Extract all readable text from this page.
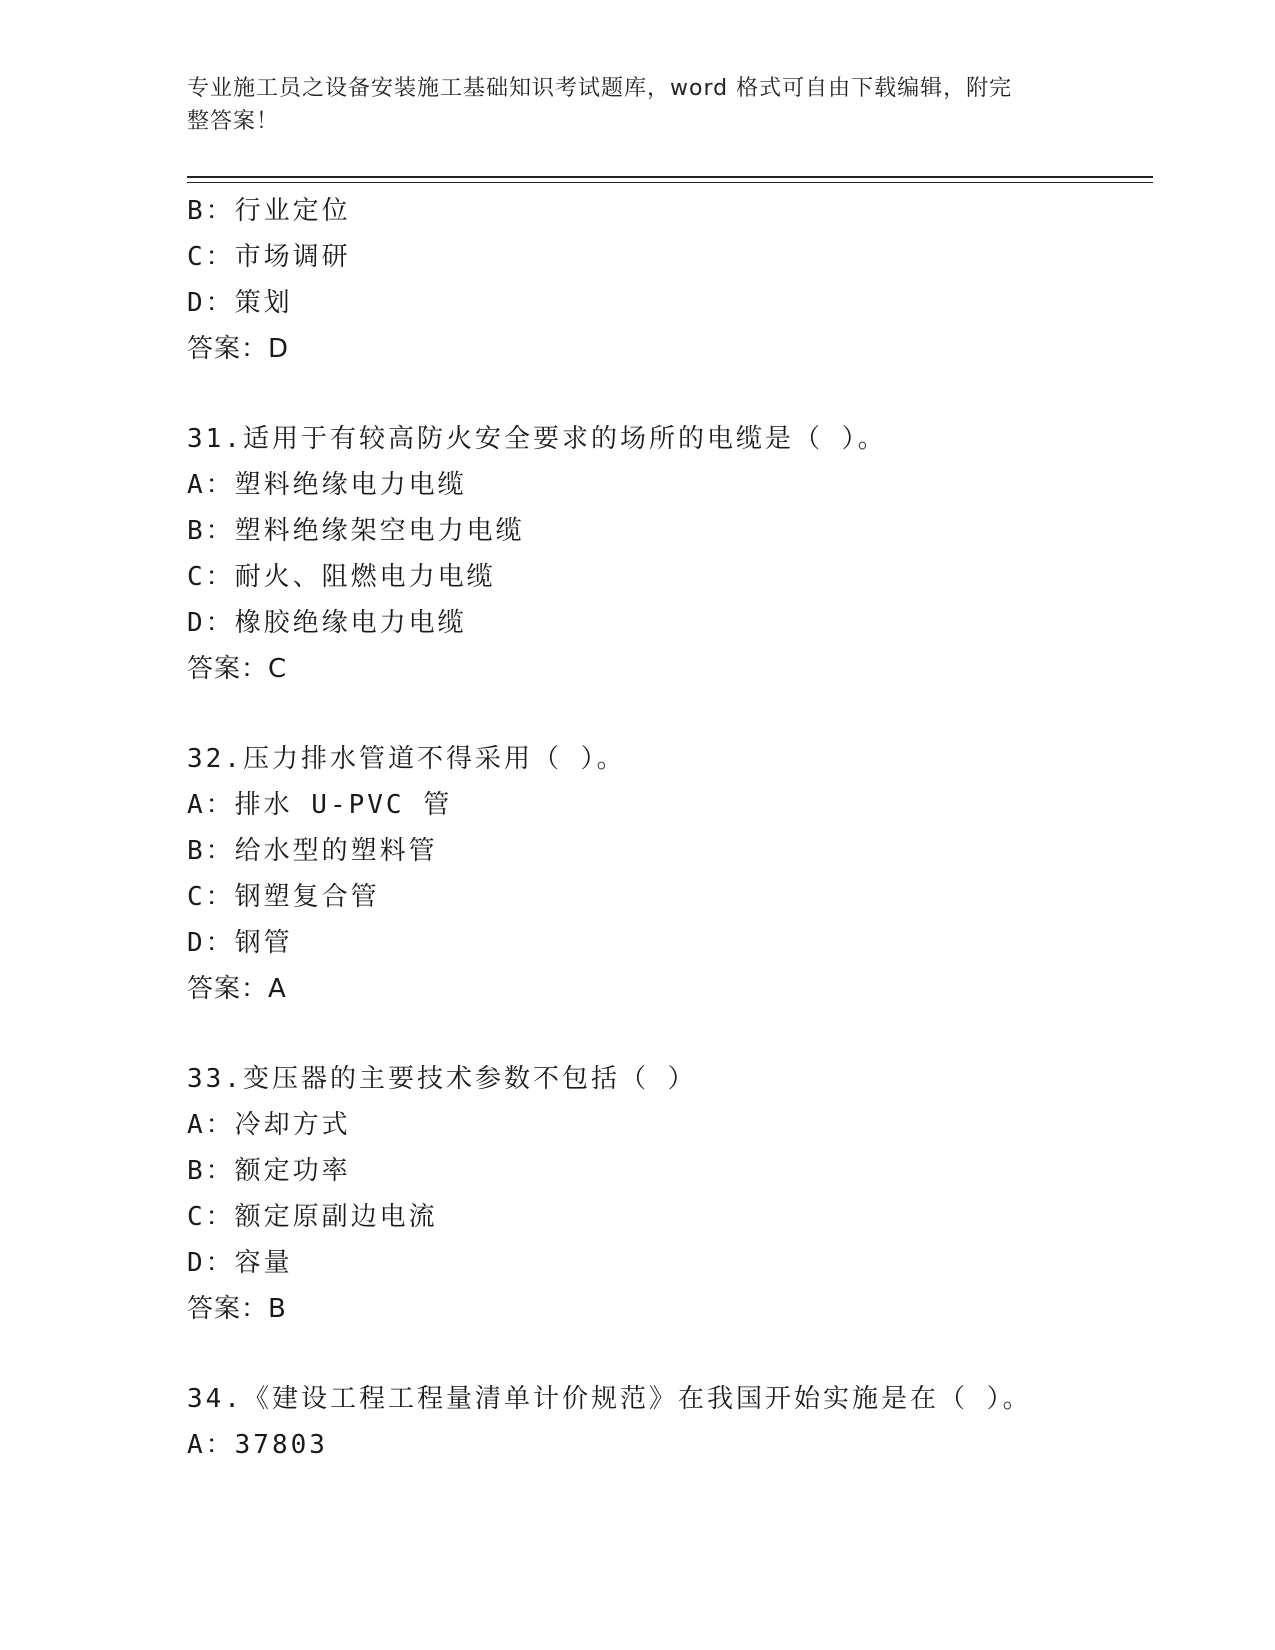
专业施工员之设备安装施工基础知识考试题库，word 格式可自由下载编辑，附完
整答案！
B：行业定位
C：市场调研
D：策划
答案：D
31.适用于有较高防火安全要求的场所的电缆是（ ）。
A：塑料绝缘电力电缆
B：塑料绝缘架空电力电缆
C：耐火、阻燃电力电缆
D：橡胶绝缘电力电缆
答案：C
32.压力排水管道不得采用（ ）。
A：排水 U-PVC 管
B：给水型的塑料管
C：钢塑复合管
D：钢管
答案：A
33.变压器的主要技术参数不包括（ ）
A：冷却方式
B：额定功率
C：额定原副边电流
D：容量
答案：B
34.《建设工程工程量清单计价规范》在我国开始实施是在（ ）。
A：37803
